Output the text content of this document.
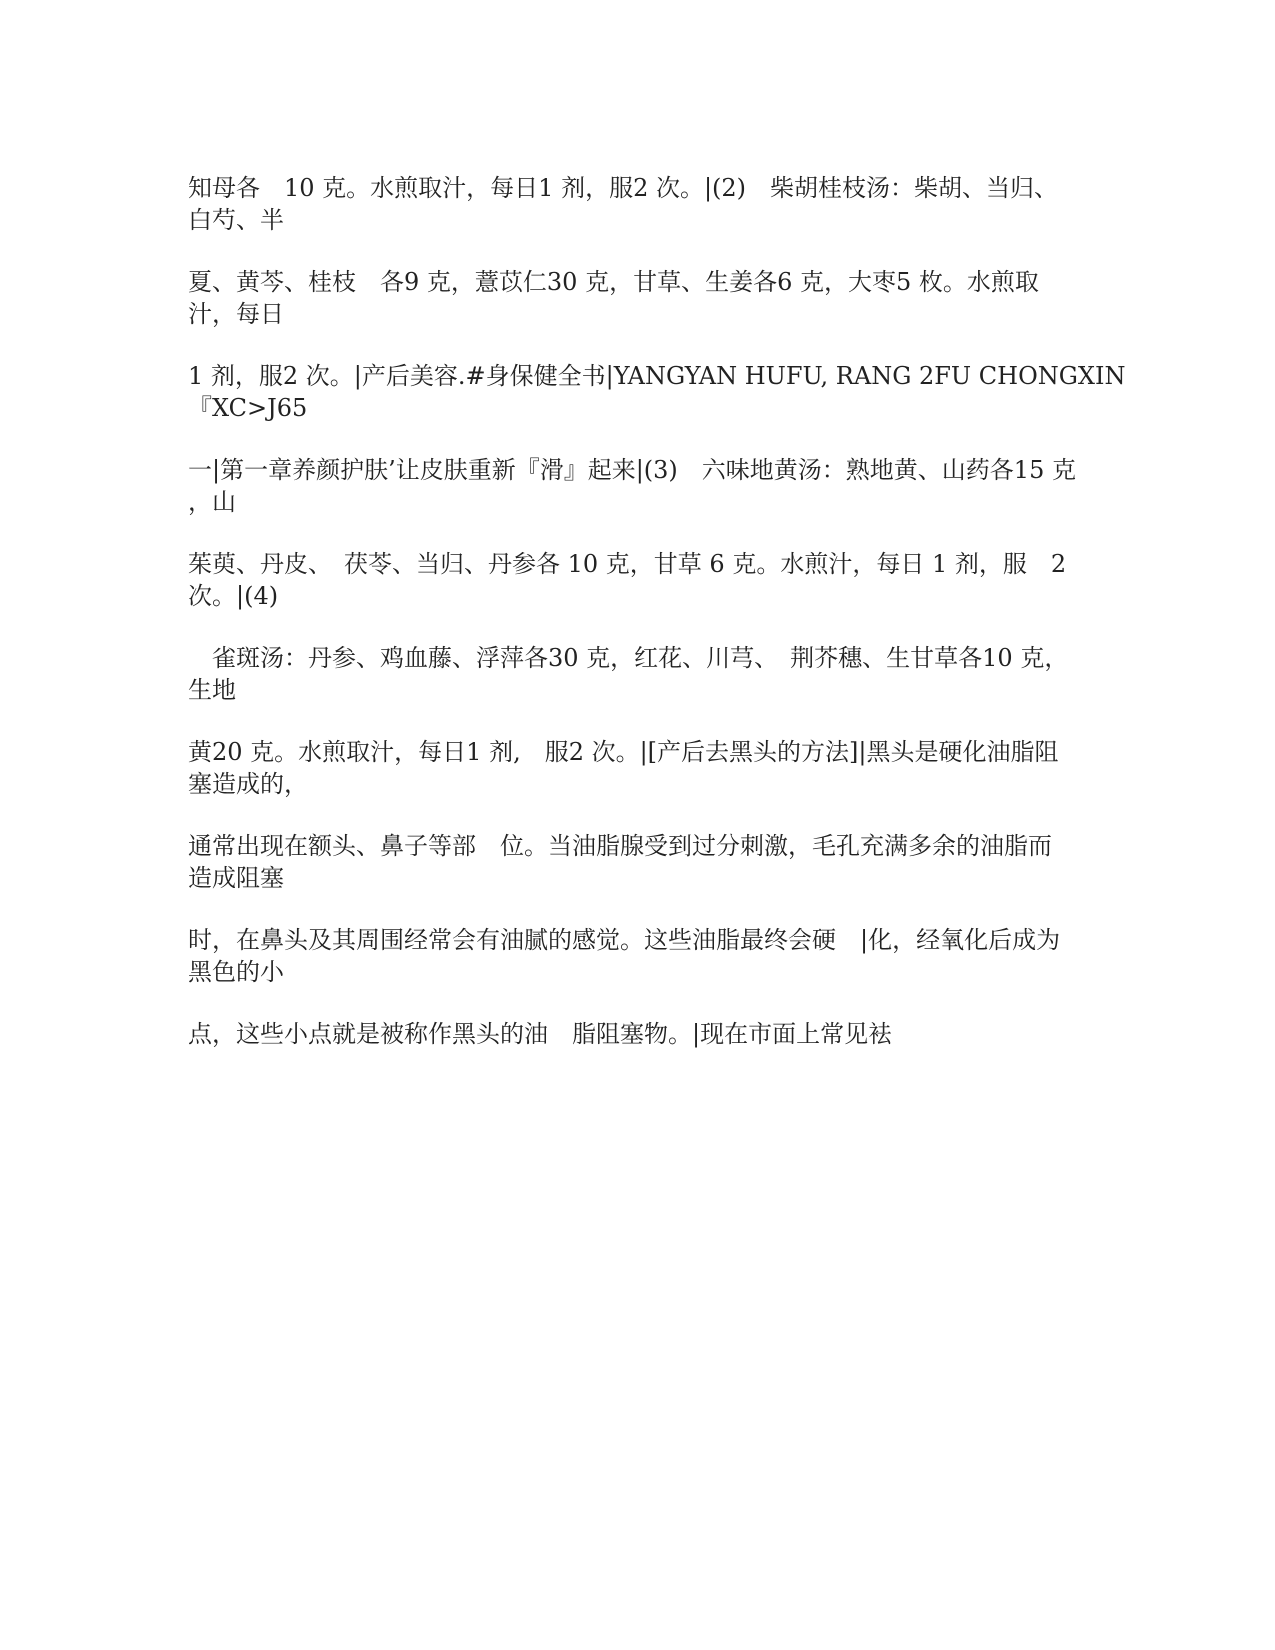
知母各　10 克。水煎取汁，每日1 剂，服2 次。|(2)　柴胡桂枝汤：柴胡、当归、
白芍、半

夏、黄芩、桂枝　各9 克，薏苡仁30 克，甘草、生姜各6 克，大枣5 枚。水煎取
汁，每日

1 剂，服2 次。|产后美容.#身保健全书|YANGYAN HUFU, RANG 2FU CHONGXIN
『XC>J65

一|第一章养颜护肤’让皮肤重新『滑』起来|(3)　六味地黄汤：熟地黄、山药各15 克
，山

茱萸、丹皮、　茯苓、当归、丹参各 10 克，甘草 6 克。水煎汁，每日 1 剂，服　2
次。|(4)

　雀斑汤：丹参、鸡血藤、浮萍各30 克，红花、川芎、　荆芥穗、生甘草各10 克，
生地

黄20 克。水煎取汁，每日1 剂,　服2 次。|[产后去黑头的方法]|黑头是硬化油脂阻
塞造成的，

通常出现在额头、鼻子等部　位。当油脂腺受到过分刺激，毛孔充满多余的油脂而
造成阻塞

时，在鼻头及其周围经常会有油腻的感觉。这些油脂最终会硬　|化，经氧化后成为
黑色的小

点，这些小点就是被称作黑头的油　脂阻塞物。|现在市面上常见袪
